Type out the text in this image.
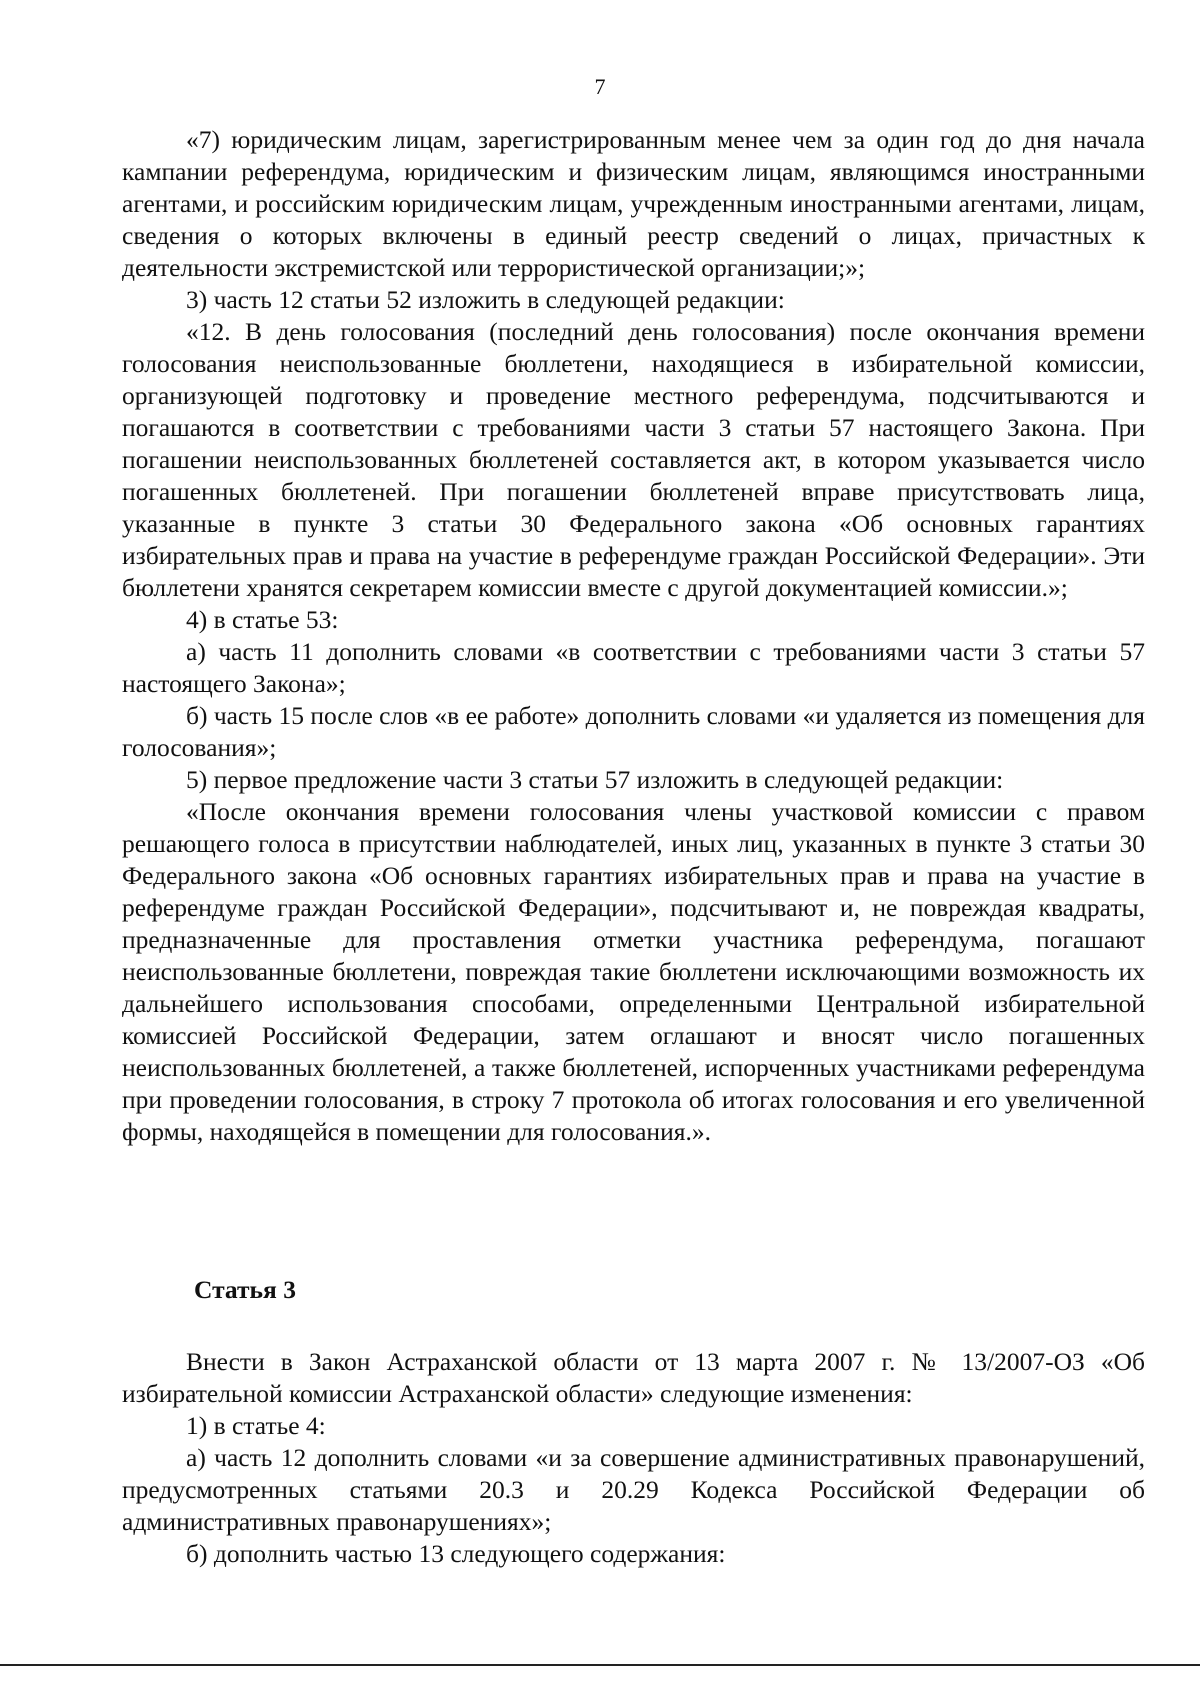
7

«7) юридическим лицам, зарегистрированным менее чем за один год до дня начала кампании референдума, юридическим и физическим лицам, являющимся иностранными агентами, и российским юридическим лицам, учрежденным иностранными агентами, лицам, сведения о которых включены в единый реестр сведений о лицах, причастных к деятельности экстремистской или террористической организации;»;

3) часть 12 статьи 52 изложить в следующей редакции:

«12. В день голосования (последний день голосования) после окончания времени голосования неиспользованные бюллетени, находящиеся в избирательной комиссии, организующей подготовку и проведение местного референдума, подсчитываются и погашаются в соответствии с требованиями части 3 статьи 57 настоящего Закона. При погашении неиспользованных бюллетеней составляется акт, в котором указывается число погашенных бюллетеней. При погашении бюллетеней вправе присутствовать лица, указанные в пункте 3 статьи 30 Федерального закона «Об основных гарантиях избирательных прав и права на участие в референдуме граждан Российской Федерации». Эти бюллетени хранятся секретарем комиссии вместе с другой документацией комиссии.»;

4) в статье 53:

а) часть 11 дополнить словами «в соответствии с требованиями части 3 статьи 57 настоящего Закона»;

б) часть 15 после слов «в ее работе» дополнить словами «и удаляется из помещения для голосования»;

5) первое предложение части 3 статьи 57 изложить в следующей редакции:

«После окончания времени голосования члены участковой комиссии с правом решающего голоса в присутствии наблюдателей, иных лиц, указанных в пункте 3 статьи 30 Федерального закона «Об основных гарантиях избирательных прав и права на участие в референдуме граждан Российской Федерации», подсчитывают и, не повреждая квадраты, предназначенные для проставления отметки участника референдума, погашают неиспользованные бюллетени, повреждая такие бюллетени исключающими возможность их дальнейшего использования способами, определенными Центральной избирательной комиссией Российской Федерации, затем оглашают и вносят число погашенных неиспользованных бюллетеней, а также бюллетеней, испорченных участниками референдума при проведении голосования, в строку 7 протокола об итогах голосования и его увеличенной формы, находящейся в помещении для голосования.».

Статья 3

Внести в Закон Астраханской области от 13 марта 2007 г. № 13/2007-ОЗ «Об избирательной комиссии Астраханской области» следующие изменения:

1) в статье 4:

а) часть 12 дополнить словами «и за совершение административных правонарушений, предусмотренных статьями 20.3 и 20.29 Кодекса Российской Федерации об административных правонарушениях»;

б) дополнить частью 13 следующего содержания:
